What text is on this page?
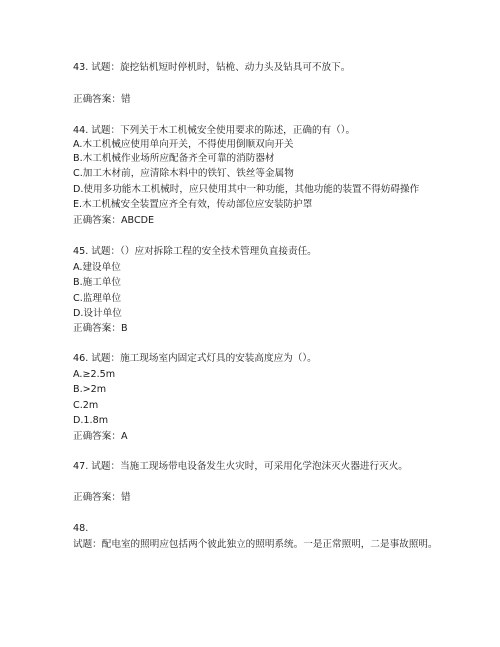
43. 试题：旋挖钻机短时停机时，钻桅、动力头及钻具可不放下。
正确答案：错
44. 试题：下列关于木工机械安全使用要求的陈述，正确的有（）。
A.木工机械应使用单向开关，不得使用倒顺双向开关
B.木工机械作业场所应配备齐全可靠的消防器材
C.加工木材前，应清除木料中的铁钉、铁丝等金属物
D.使用多功能木工机械时，应只使用其中一种功能，其他功能的装置不得妨碍操作
E.木工机械安全装置应齐全有效，传动部位应安装防护罩
正确答案：ABCDE
45. 试题：（）应对拆除工程的安全技术管理负直接责任。
A.建设单位
B.施工单位
C.监理单位
D.设计单位
正确答案：B
46. 试题：施工现场室内固定式灯具的安装高度应为（）。
A.≥2.5m
B.>2m
C.2m
D.1.8m
正确答案：A
47. 试题：当施工现场带电设备发生火灾时，可采用化学泡沫灭火器进行灭火。
正确答案：错
48.
试题：配电室的照明应包括两个彼此独立的照明系统。一是正常照明，二是事故照明。
